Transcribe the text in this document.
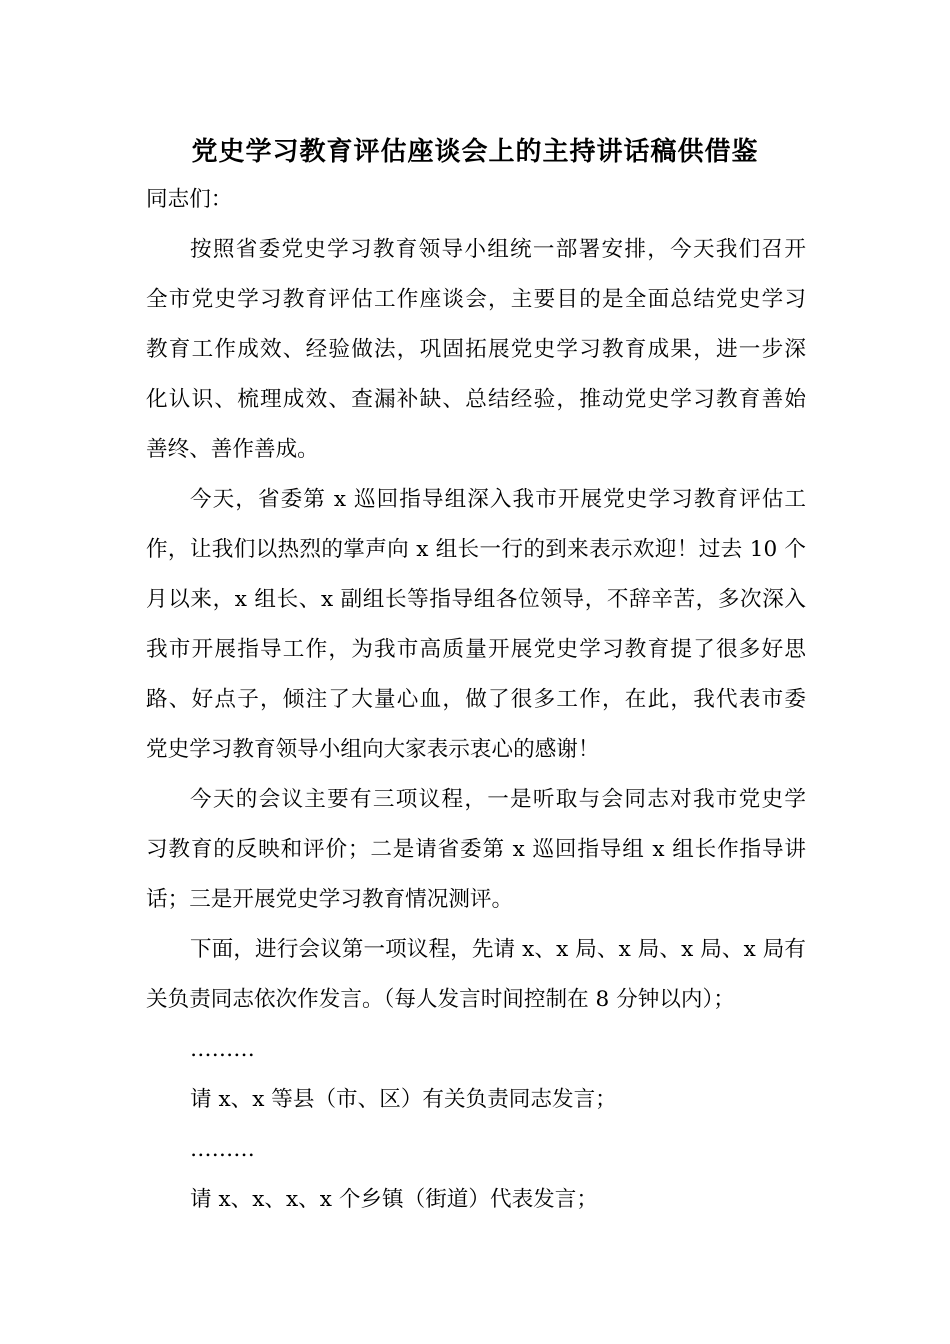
党史学习教育评估座谈会上的主持讲话稿供借鉴
同志们：
按照省委党史学习教育领导小组统一部署安排，今天我们召开
全市党史学习教育评估工作座谈会，主要目的是全面总结党史学习
教育工作成效、经验做法，巩固拓展党史学习教育成果，进一步深
化认识、梳理成效、查漏补缺、总结经验，推动党史学习教育善始
善终、善作善成。
今天，省委第 x 巡回指导组深入我市开展党史学习教育评估工
作，让我们以热烈的掌声向 x 组长一行的到来表示欢迎！过去 10 个
月以来，x 组长、x 副组长等指导组各位领导，不辞辛苦，多次深入
我市开展指导工作，为我市高质量开展党史学习教育提了很多好思
路、好点子，倾注了大量心血，做了很多工作，在此，我代表市委
党史学习教育领导小组向大家表示衷心的感谢！
今天的会议主要有三项议程，一是听取与会同志对我市党史学
习教育的反映和评价；二是请省委第 x 巡回指导组 x 组长作指导讲
话；三是开展党史学习教育情况测评。
下面，进行会议第一项议程，先请 x、x 局、x 局、x 局、x 局有
关负责同志依次作发言。（每人发言时间控制在 8 分钟以内）；
………
请 x、x 等县（市、区）有关负责同志发言；
………
请 x、x、x、x 个乡镇（街道）代表发言；
